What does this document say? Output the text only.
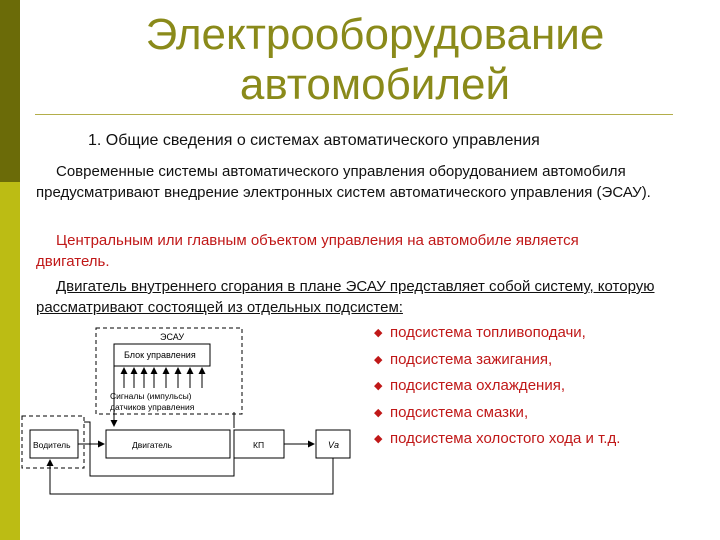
Электрооборудование автомобилей
1. Общие сведения о системах автоматического управления
Современные системы автоматического управления оборудованием автомобиля предусматривают внедрение электронных систем автоматического управления (ЭСАУ).
Центральным или главным объектом управления на автомобиле является двигатель.
Двигатель внутреннего сгорания в плане ЭСАУ представляет собой систему, которую рассматривают состоящей из отдельных подсистем:
◆ подсистема топливоподачи,
◆ подсистема зажигания,
◆ подсистема охлаждения,
◆ подсистема смазки,
◆ подсистема холостого хода и т.д.
ЭСАУ
Блок управления
Сигналы (импульсы)
датчиков управления
Водитель	Двигатель	КП	Vа
